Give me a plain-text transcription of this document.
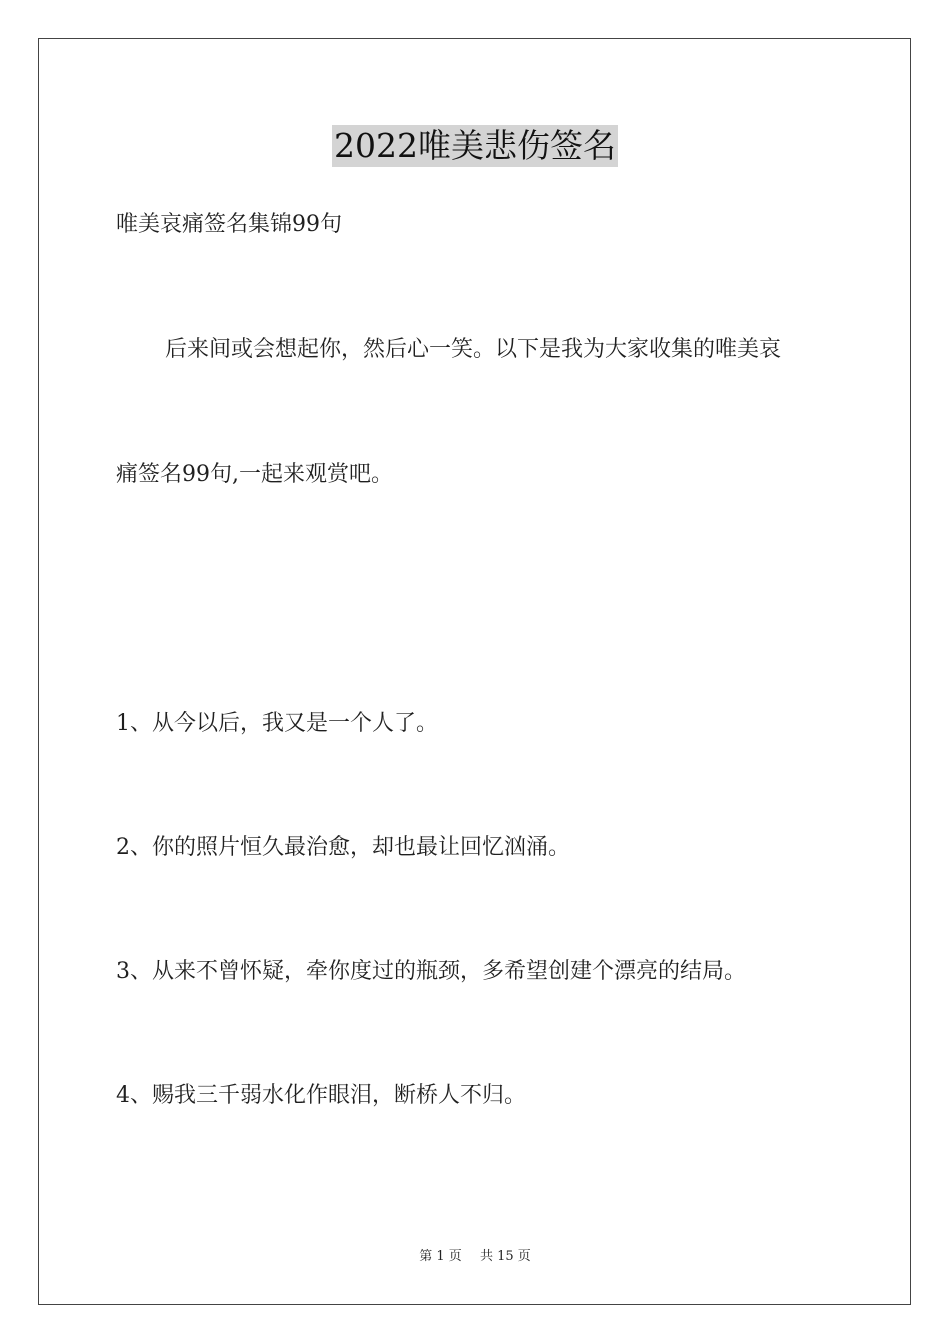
2022唯美悲伤签名
唯美哀痛签名集锦99句
后来间或会想起你，然后心一笑。以下是我为大家收集的唯美哀
痛签名99句,一起来观赏吧。
1、从今以后，我又是一个人了。
2、你的照片恒久最治愈，却也最让回忆汹涌。
3、从来不曾怀疑，牵你度过的瓶颈，多希望创建个漂亮的结局。
4、赐我三千弱水化作眼泪，断桥人不归。
第 1 页 共 15 页
